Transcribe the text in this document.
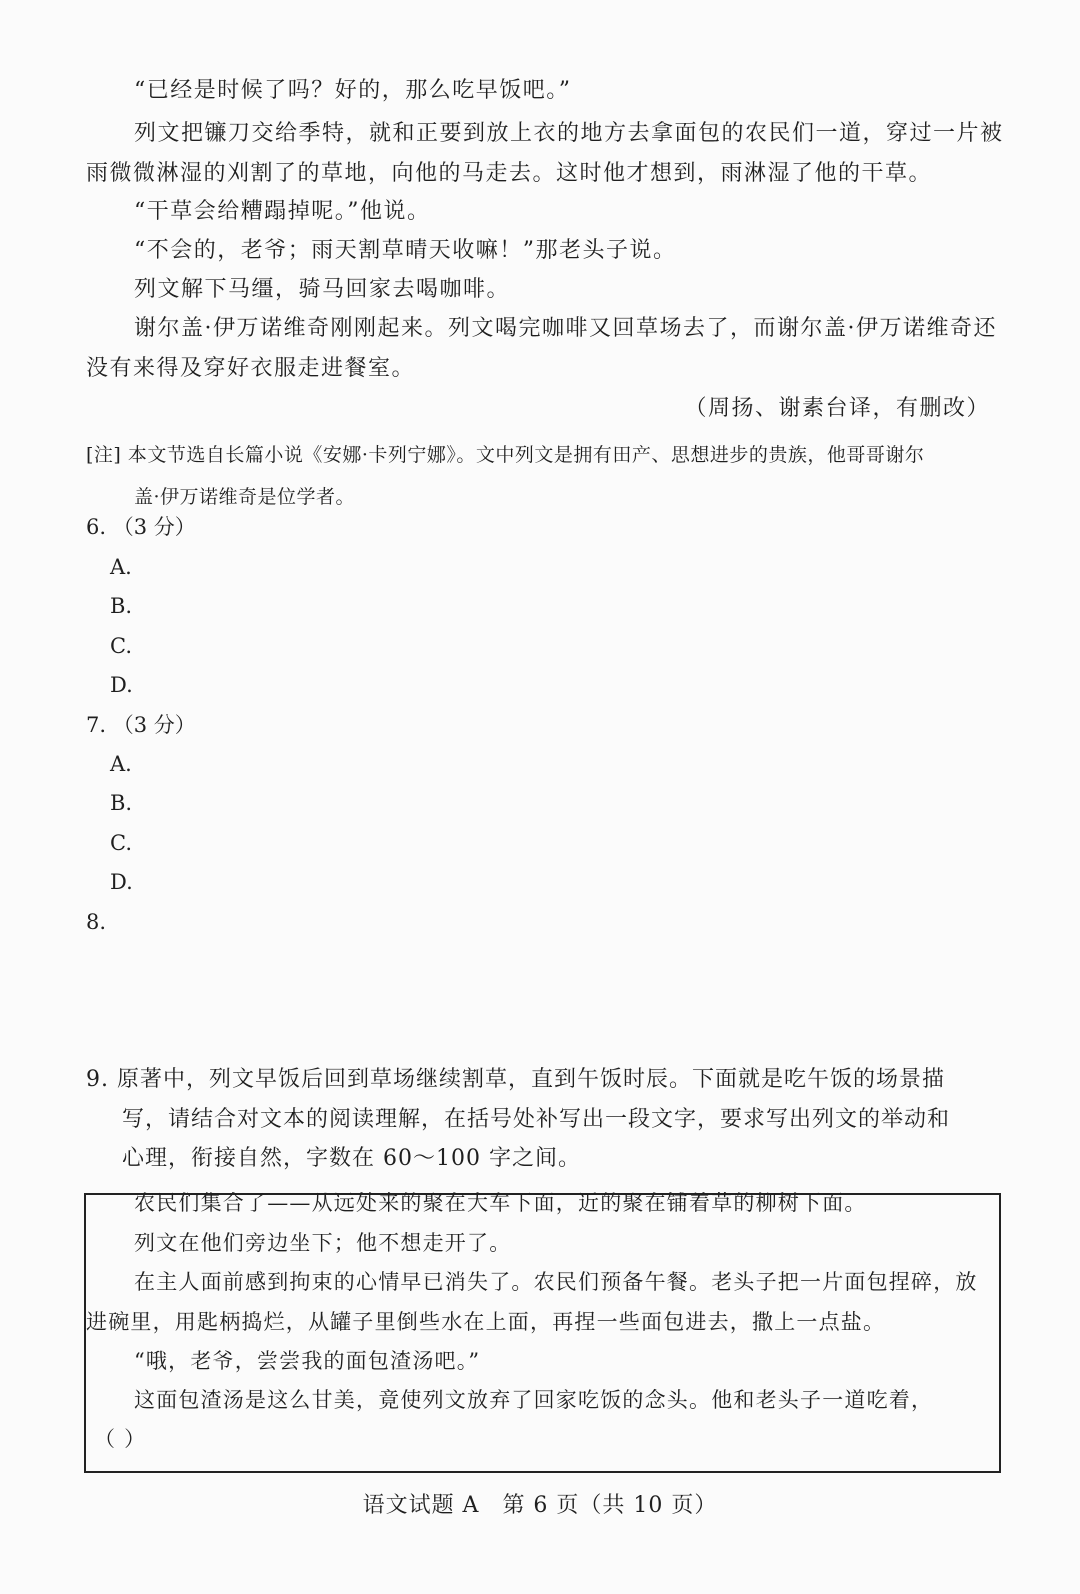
“已经是时候了吗？好的，那么吃早饭吧。”

列文把镰刀交给季特，就和正要到放上衣的地方去拿面包的农民们一道，穿过一片被雨微微淋湿的刈割了的草地，向他的马走去。这时他才想到，雨淋湿了他的干草。

“干草会给糟蹋掉呢。”他说。

“不会的，老爷；雨天割草晴天收嘛！”那老头子说。

列文解下马缰，骑马回家去喝咖啡。

谢尔盖·伊万诺维奇刚刚起来。列文喝完咖啡又回草场去了，而谢尔盖·伊万诺维奇还没有来得及穿好衣服走进餐室。

（周扬、谢素台译，有删改）

[注] 本文节选自长篇小说《安娜·卡列宁娜》。文中列文是拥有田产、思想进步的贵族，他哥哥谢尔
盖·伊万诺维奇是位学者。
6. （3 分）
A.
B.
C.
D.
7. （3 分）
A.
B.
C.
D.
8.
9. 原著中，列文早饭后回到草场继续割草，直到午饭时辰。下面就是吃午饭的场景描
写，请结合对文本的阅读理解，在括号处补写出一段文字，要求写出列文的举动和
心理，衔接自然，字数在 60～100 字之间。

农民们集合了——从远处来的聚在大车下面，近的聚在铺着草的柳树下面。

列文在他们旁边坐下；他不想走开了。

在主人面前感到拘束的心情早已消失了。农民们预备午餐。老头子把一片面包捏碎，放进碗里，用匙柄捣烂，从罐子里倒些水在上面，再捏一些面包进去，撒上一点盐。

“哦，老爷，尝尝我的面包渣汤吧。”

这面包渣汤是这么甘美，竟使列文放弃了回家吃饭的念头。他和老头子一道吃着，

（ ）

语文试题 A　第 6 页（共 10 页）
